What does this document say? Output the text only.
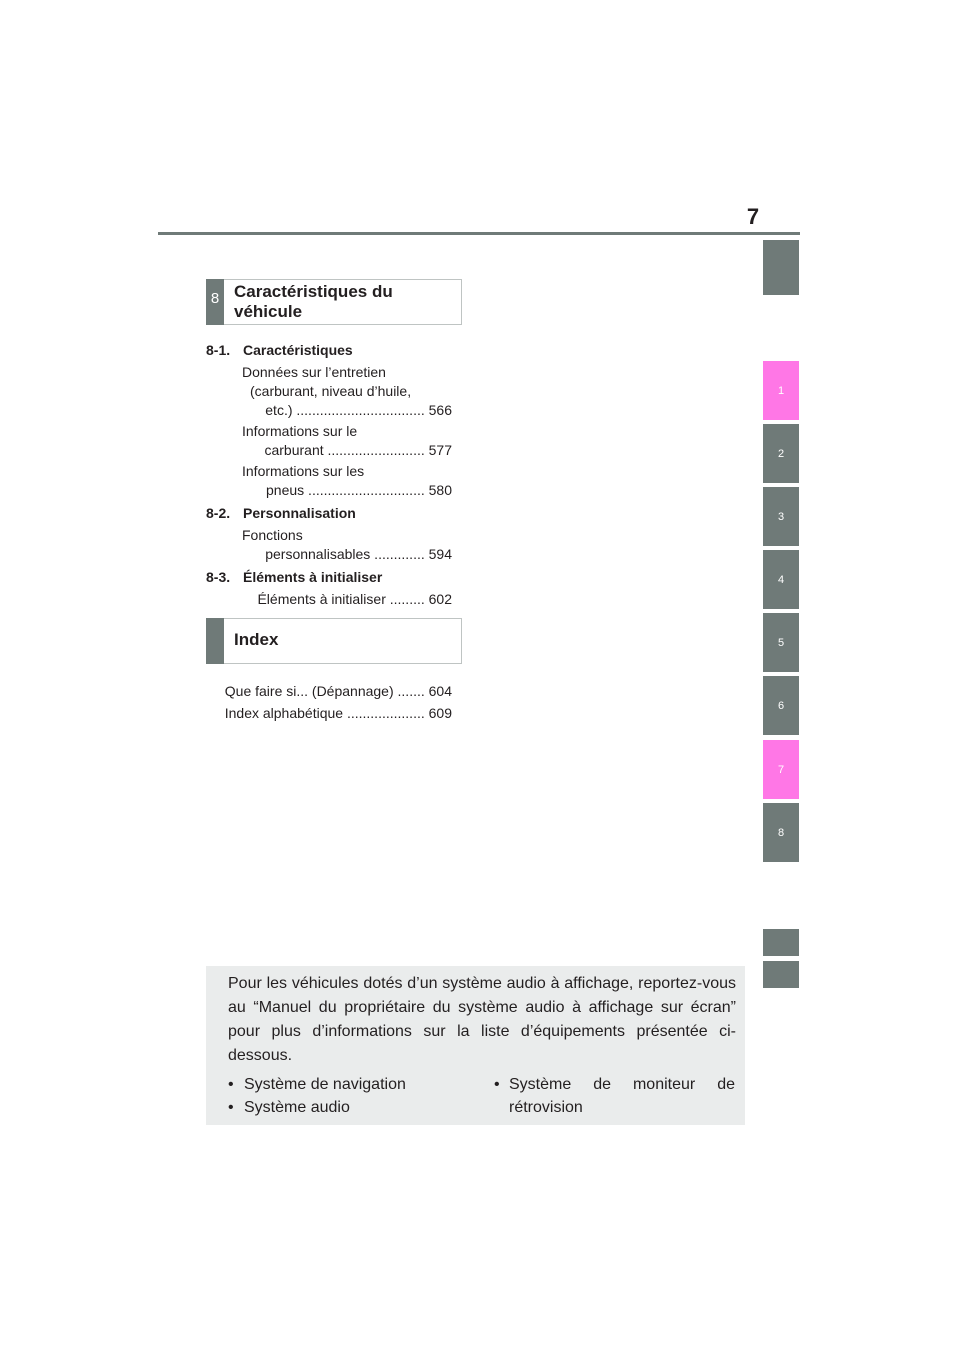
7
1
2
3
4
5
6
7
8
8 Caractéristiques du
véhicule
8-1. Caractéristiques
Données sur l’entretien
(carburant, niveau d’huile,
etc.) ................................. 566
Informations sur le
carburant ......................... 577
Informations sur les
pneus .............................. 580
8-2. Personnalisation
Fonctions
personnalisables ............. 594
8-3. Éléments à initialiser
Éléments à initialiser ......... 602
Index
Que faire si... (Dépannage) ....... 604
Index alphabétique .................... 609
Pour les véhicules dotés d’un système audio à affichage, reportez-vous au “Manuel du propriétaire du système audio à affichage sur écran” pour plus d’informations sur la liste d’équipements présentée ci-dessous.
• Système de navigation
• Système audio
• Système de moniteur de
rétrovision
